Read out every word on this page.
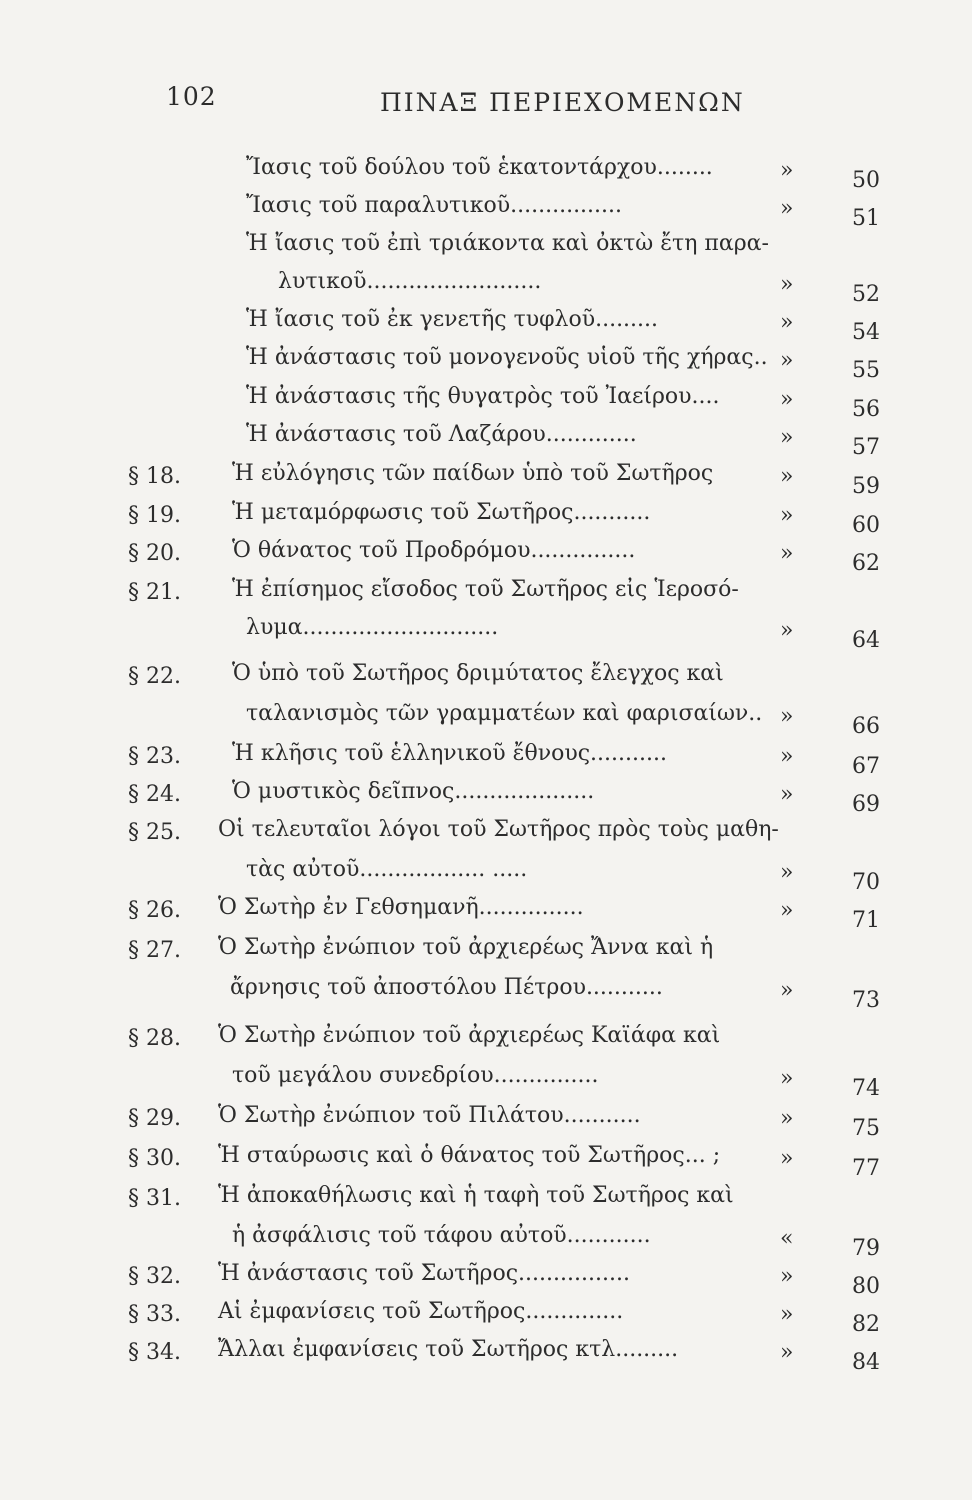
102	ΠΙΝΑΞ ΠΕΡΙΕΧΟΜΕΝΩΝ
Ἴασις τοῦ δούλου τοῦ ἑκατοντάρχου........	»	50
Ἴασις τοῦ παραλυτικοῦ................	»	51
Ἡ ἴασις τοῦ ἐπὶ τριάκοντα καὶ ὀκτὼ ἔτη παρα-
λυτικοῦ.........................	»	52
Ἡ ἴασις τοῦ ἐκ γενετῆς τυφλοῦ.........	»	54
Ἡ ἀνάστασις τοῦ μονογενοῦς υἱοῦ τῆς χήρας.. »	55
Ἡ ἀνάστασις τῆς θυγατρὸς τοῦ Ἰαείρου....	»	56
Ἡ ἀνάστασις τοῦ Λαζάρου.............	»	57
§ 18. Ἡ εὐλόγησις τῶν παίδων ὑπὸ τοῦ Σωτῆρος	»	59
§ 19. Ἡ μεταμόρφωσις τοῦ Σωτῆρος...........	»	60
§ 20. Ὁ θάνατος τοῦ Προδρόμου...............	»	62
§ 21. Ἡ ἐπίσημος εἴσοδος τοῦ Σωτῆρος εἰς Ἱεροσό-
λυμα............................	»	64
§ 22. Ὁ ὑπὸ τοῦ Σωτῆρος δριμύτατος ἔλεγχος καὶ
ταλανισμὸς τῶν γραμματέων καὶ φαρισαίων.. »	66
§ 23. Ἡ κλῆσις τοῦ ἑλληνικοῦ ἔθνους...........	»	67
§ 24. Ὁ μυστικὸς δεῖπνος....................	»	69
§ 25. Οἱ τελευταῖοι λόγοι τοῦ Σωτῆρος πρὸς τοὺς μαθη-
τὰς αὐτοῦ.................. .....	»	70
§ 26. Ὁ Σωτὴρ ἐν Γεθσημανῆ...............	»	71
§ 27. Ὁ Σωτὴρ ἐνώπιον τοῦ ἀρχιερέως Ἄννα καὶ ἡ
ἄρνησις τοῦ ἀποστόλου Πέτρου...........	»	73
§ 28. Ὁ Σωτὴρ ἐνώπιον τοῦ ἀρχιερέως Καϊάφα καὶ
τοῦ μεγάλου συνεδρίου...............	»	74
§ 29. Ὁ Σωτὴρ ἐνώπιον τοῦ Πιλάτου...........	»	75
§ 30. Ἡ σταύρωσις καὶ ὁ θάνατος τοῦ Σωτῆρος... ;	»	77
§ 31. Ἡ ἀποκαθήλωσις καὶ ἡ ταφὴ τοῦ Σωτῆρος καὶ
ἡ ἀσφάλισις τοῦ τάφου αὐτοῦ............	«	79
§ 32. Ἡ ἀνάστασις τοῦ Σωτῆρος................	»	80
§ 33. Αἱ ἐμφανίσεις τοῦ Σωτῆρος..............	»	82
§ 34. Ἄλλαι ἐμφανίσεις τοῦ Σωτῆρος κτλ.........	»	84
